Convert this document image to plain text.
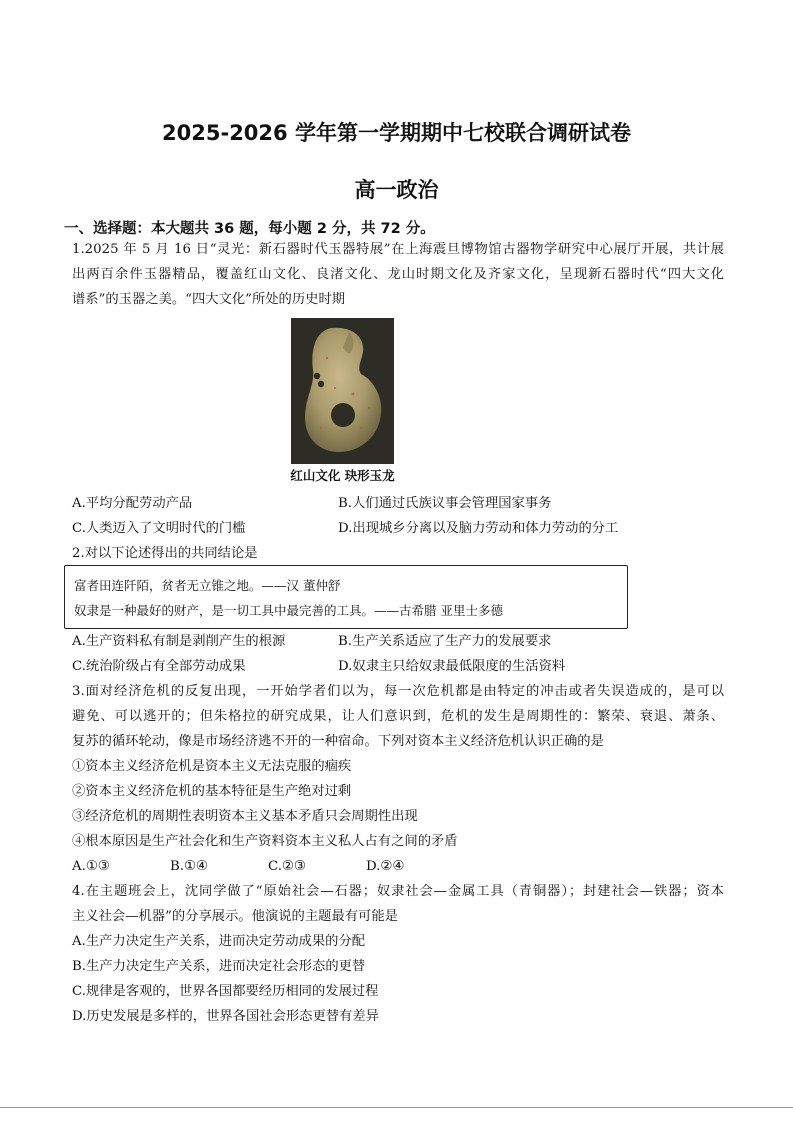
2025-2026 学年第一学期期中七校联合调研试卷
高一政治
一、选择题：本大题共 36 题，每小题 2 分，共 72 分。
1.2025 年 5 月 16 日“灵光：新石器时代玉器特展”在上海震旦博物馆古器物学研究中心展厅开展，共计展
出两百余件玉器精品，覆盖红山文化、良渚文化、龙山时期文化及齐家文化，呈现新石器时代“四大文化
谱系”的玉器之美。“四大文化”所处的历史时期
红山文化 玦形玉龙
A.平均分配劳动产品	B.人们通过氏族议事会管理国家事务
C.人类迈入了文明时代的门槛	D.出现城乡分离以及脑力劳动和体力劳动的分工
2.对以下论述得出的共同结论是
富者田连阡陌，贫者无立锥之地。——汉 董仲舒
奴隶是一种最好的财产，是一切工具中最完善的工具。——古希腊 亚里士多德
A.生产资料私有制是剥削产生的根源	B.生产关系适应了生产力的发展要求
C.统治阶级占有全部劳动成果	D.奴隶主只给奴隶最低限度的生活资料
3.面对经济危机的反复出现，一开始学者们以为，每一次危机都是由特定的冲击或者失误造成的，是可以
避免、可以逃开的；但朱格拉的研究成果，让人们意识到，危机的发生是周期性的：繁荣、衰退、萧条、
复苏的循环轮动，像是市场经济逃不开的一种宿命。下列对资本主义经济危机认识正确的是
①资本主义经济危机是资本主义无法克服的痼疾
②资本主义经济危机的基本特征是生产绝对过剩
③经济危机的周期性表明资本主义基本矛盾只会周期性出现
④根本原因是生产社会化和生产资料资本主义私人占有之间的矛盾
A.①③	B.①④	C.②③	D.②④
4.在主题班会上，沈同学做了“原始社会—石器；奴隶社会—金属工具（青铜器）；封建社会—铁器；资本
主义社会—机器”的分享展示。他演说的主题最有可能是
A.生产力决定生产关系，进而决定劳动成果的分配
B.生产力决定生产关系，进而决定社会形态的更替
C.规律是客观的，世界各国都要经历相同的发展过程
D.历史发展是多样的，世界各国社会形态更替有差异
